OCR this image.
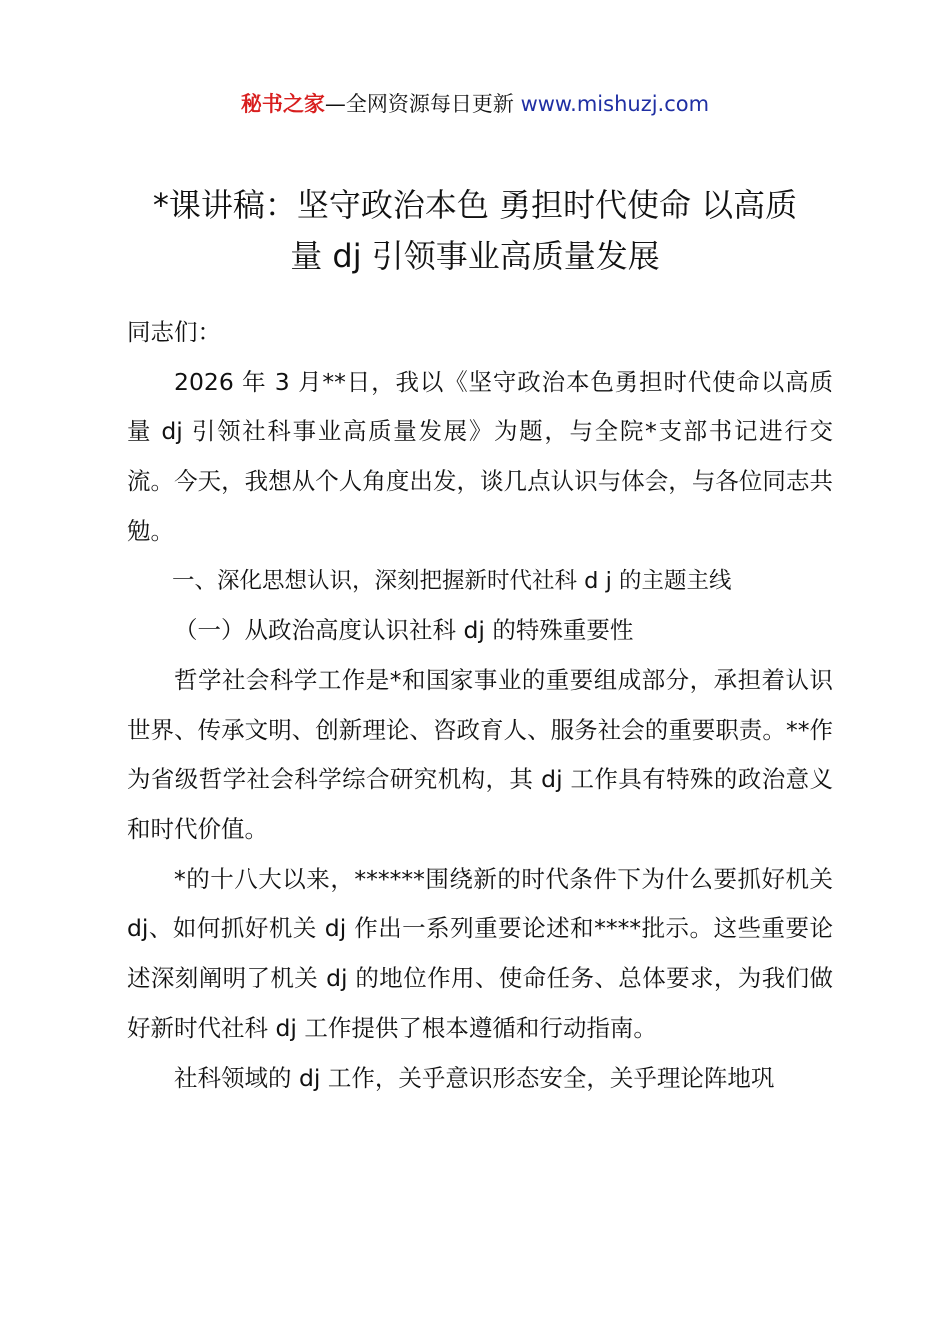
秘书之家—全网资源每日更新 www.mishuzj.com
*课讲稿：坚守政治本色 勇担时代使命 以高质
量 dj 引领事业高质量发展

同志们：

2026 年 3 月**日，我以《坚守政治本色勇担时代使命以高质量 dj 引领社科事业高质量发展》为题，与全院*支部书记进行交流。今天，我想从个人角度出发，谈几点认识与体会，与各位同志共勉。

一、深化思想认识，深刻把握新时代社科 d j 的主题主线

（一）从政治高度认识社科 dj 的特殊重要性

哲学社会科学工作是*和国家事业的重要组成部分，承担着认识世界、传承文明、创新理论、咨政育人、服务社会的重要职责。**作为省级哲学社会科学综合研究机构，其 dj 工作具有特殊的政治意义和时代价值。

*的十八大以来，******围绕新的时代条件下为什么要抓好机关 dj、如何抓好机关 dj 作出一系列重要论述和****批示。这些重要论述深刻阐明了机关 dj 的地位作用、使命任务、总体要求，为我们做好新时代社科 dj 工作提供了根本遵循和行动指南。

社科领域的 dj 工作，关乎意识形态安全，关乎理论阵地巩
